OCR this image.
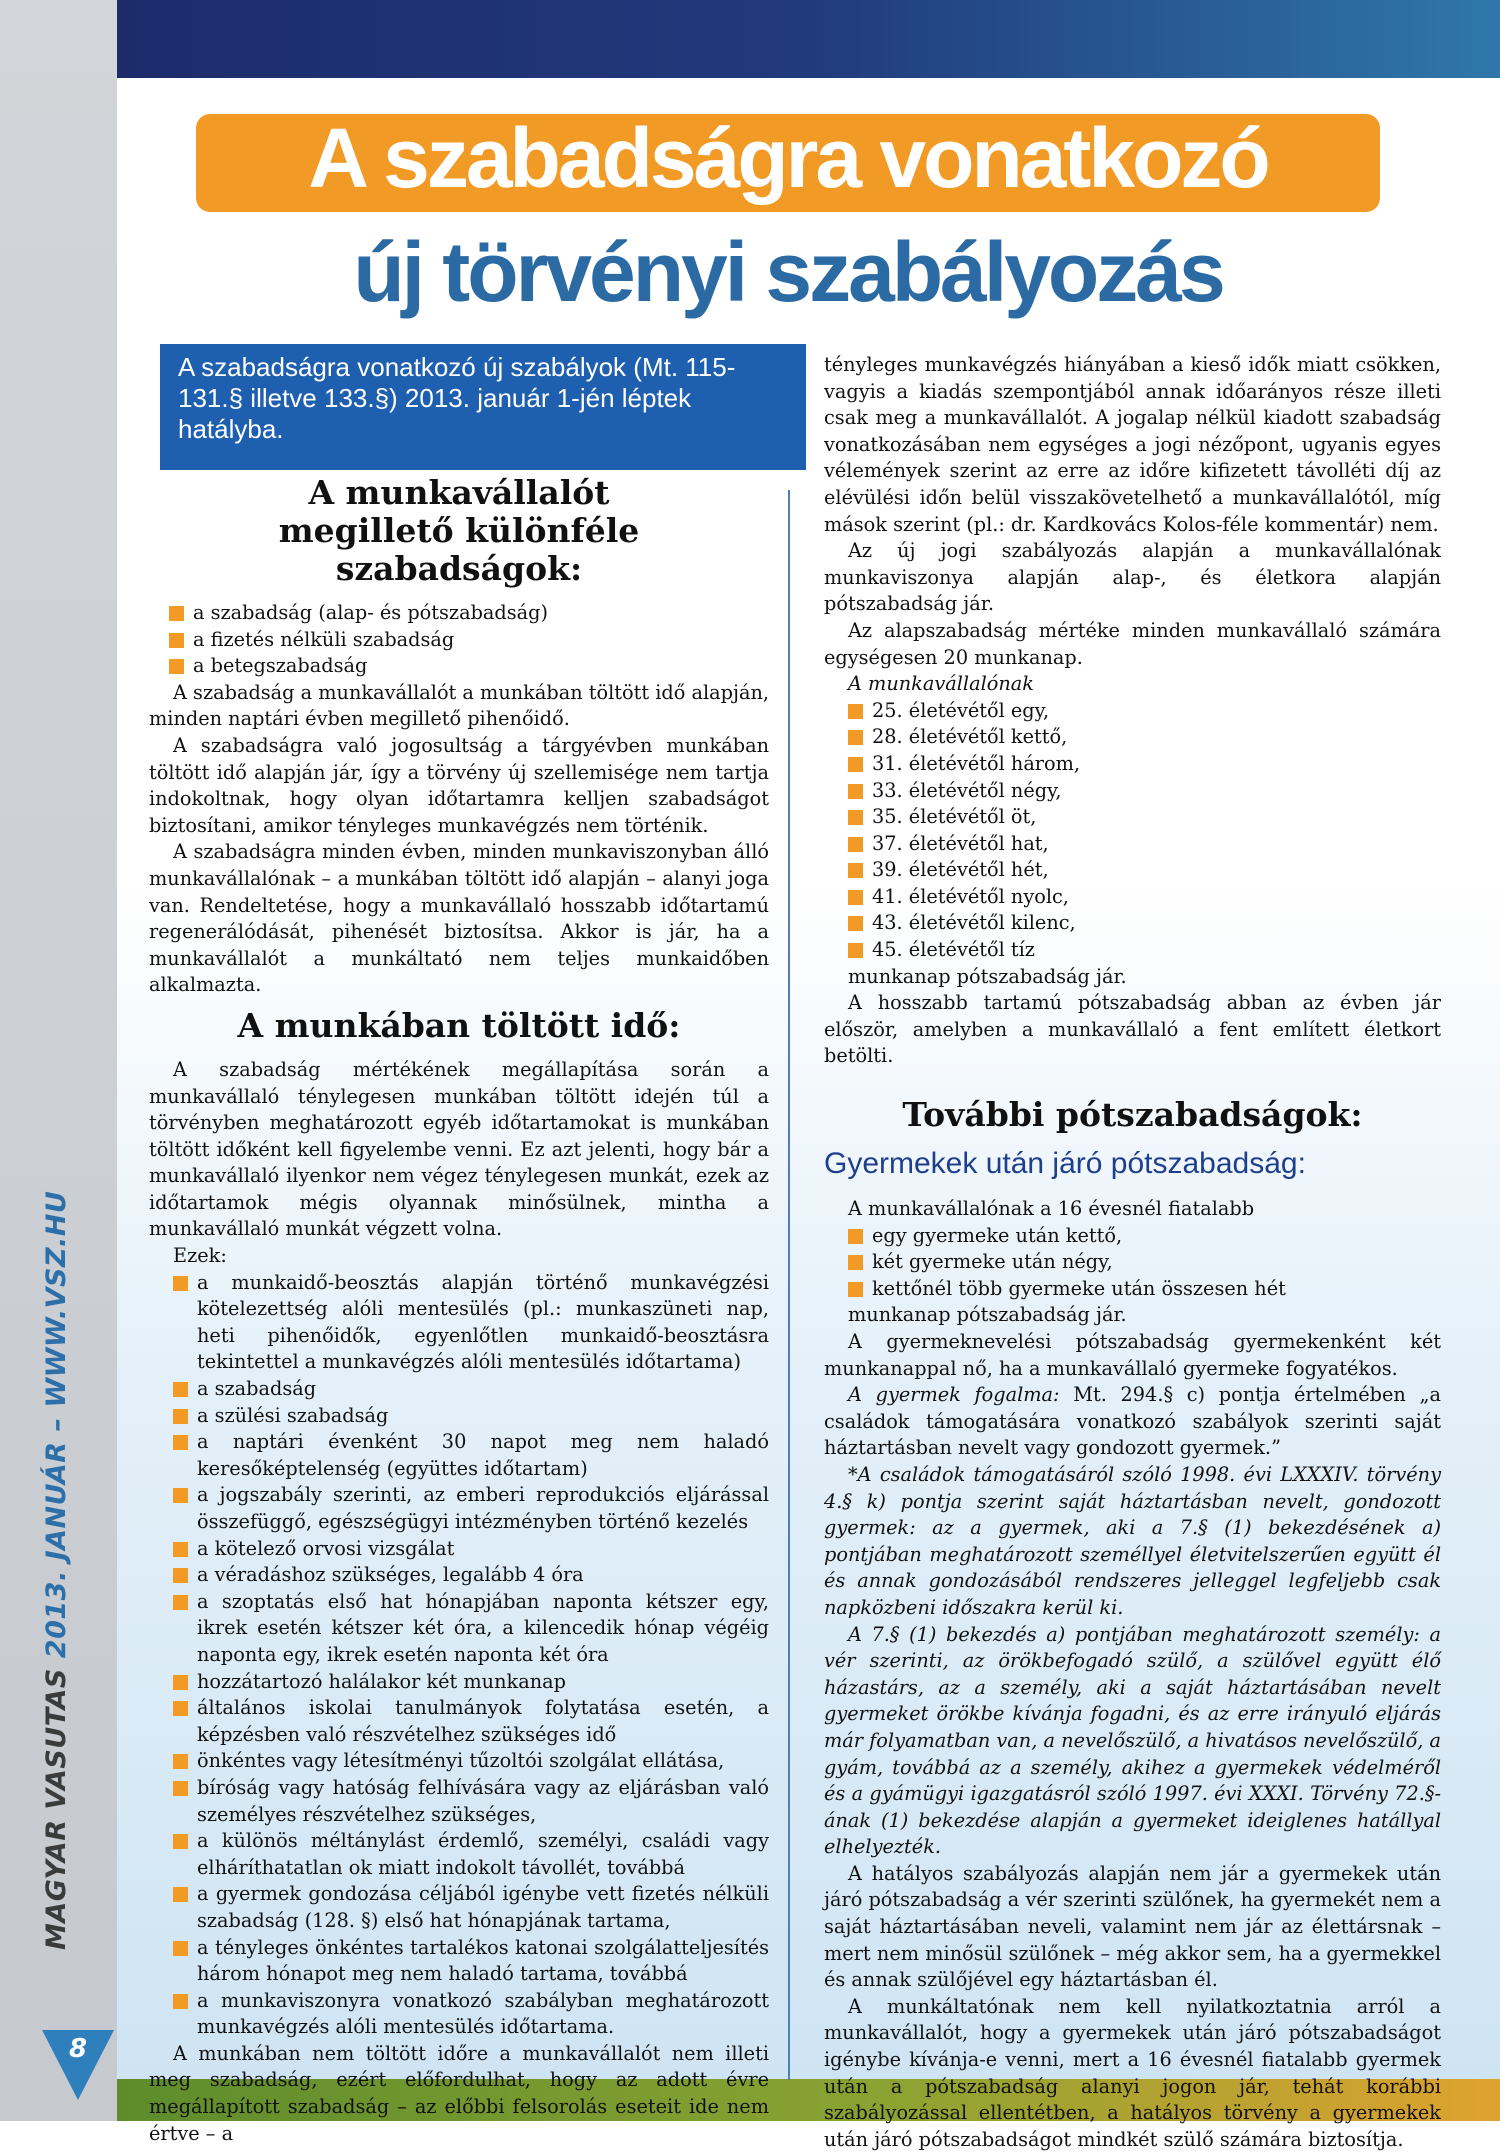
MAGYAR VASUTAS 2013. JANUÁR – WWW.VSZ.HU
8
A szabadságra vonatkozó
új törvényi szabályozás
A szabadságra vonatkozó új szabályok (Mt. 115-131.§ illetve 133.§) 2013. január 1-jén léptek hatályba.
A munkavállalót megillető különféle szabadságok:
a szabadság (alap- és pótszabadság)
a fizetés nélküli szabadság
a betegszabadság

A szabadság a munkavállalót a munkában töltött idő alapján, minden naptári évben megillető pihenőidő.

A szabadságra való jogosultság a tárgyévben munkában töltött idő alapján jár, így a törvény új szellemisége nem tartja indokoltnak, hogy olyan időtartamra kelljen szabadságot biztosítani, amikor tényleges munkavégzés nem történik.

A szabadságra minden évben, minden munkaviszonyban álló munkavállalónak – a munkában töltött idő alapján – alanyi joga van. Rendeltetése, hogy a munkavállaló hosszabb időtartamú regenerálódását, pihenését biztosítsa. Akkor is jár, ha a munkavállalót a munkáltató nem teljes munkaidőben alkalmazta.

A munkában töltött idő:

A szabadság mértékének megállapítása során a munkavállaló ténylegesen munkában töltött idején túl a törvényben meghatározott egyéb időtartamokat is munkában töltött időként kell figyelembe venni. Ez azt jelenti, hogy bár a munkavállaló ilyenkor nem végez ténylegesen munkát, ezek az időtartamok mégis olyannak minősülnek, mintha a munkavállaló munkát végzett volna.

Ezek:

a munkaidő-beosztás alapján történő munkavégzési kötelezettség alóli mentesülés (pl.: munkaszüneti nap, heti pihenőidők, egyenlőtlen munkaidő-beosztásra tekintettel a munkavégzés alóli mentesülés időtartama)
a szabadság
a szülési szabadság
a naptári évenként 30 napot meg nem haladó keresőképtelenség (együttes időtartam)
a jogszabály szerinti, az emberi reprodukciós eljárással összefüggő, egészségügyi intézményben történő kezelés
a kötelező orvosi vizsgálat
a véradáshoz szükséges, legalább 4 óra
a szoptatás első hat hónapjában naponta kétszer egy, ikrek esetén kétszer két óra, a kilencedik hónap végéig naponta egy, ikrek esetén naponta két óra
hozzátartozó halálakor két munkanap
általános iskolai tanulmányok folytatása esetén, a képzésben való részvételhez szükséges idő
önkéntes vagy létesítményi tűzoltói szolgálat ellátása,
bíróság vagy hatóság felhívására vagy az eljárásban való személyes részvételhez szükséges,
a különös méltánylást érdemlő, személyi, családi vagy elháríthatatlan ok miatt indokolt távollét, továbbá
a gyermek gondozása céljából igénybe vett fizetés nélküli szabadság (128. §) első hat hónapjának tartama,
a tényleges önkéntes tartalékos katonai szolgálatteljesítés három hónapot meg nem haladó tartama, továbbá
a munkaviszonyra vonatkozó szabályban meghatározott munkavégzés alóli mentesülés időtartama.

A munkában nem töltött időre a munkavállalót nem illeti meg szabadság, ezért előfordulhat, hogy az adott évre megállapított szabadság – az előbbi felsorolás eseteit ide nem értve – a

tényleges munkavégzés hiányában a kieső idők miatt csökken, vagyis a kiadás szempontjából annak időarányos része illeti csak meg a munkavállalót. A jogalap nélkül kiadott szabadság vonatkozásában nem egységes a jogi nézőpont, ugyanis egyes vélemények szerint az erre az időre kifizetett távolléti díj az elévülési időn belül visszakövetelhető a munkavállalótól, míg mások szerint (pl.: dr. Kardkovács Kolos-féle kommentár) nem.

Az új jogi szabályozás alapján a munkavállalónak munkaviszonya alapján alap-, és életkora alapján pótszabadság jár.

Az alapszabadság mértéke minden munkavállaló számára egységesen 20 munkanap.

A munkavállalónak

25. életévétől egy,
28. életévétől kettő,
31. életévétől három,
33. életévétől négy,
35. életévétől öt,
37. életévétől hat,
39. életévétől hét,
41. életévétől nyolc,
43. életévétől kilenc,
45. életévétől tíz

munkanap pótszabadság jár.

A hosszabb tartamú pótszabadság abban az évben jár először, amelyben a munkavállaló a fent említett életkort betölti.

További pótszabadságok:

Gyermekek után járó pótszabadság:

A munkavállalónak a 16 évesnél fiatalabb

egy gyermeke után kettő,
két gyermeke után négy,
kettőnél több gyermeke után összesen hét

munkanap pótszabadság jár.

A gyermeknevelési pótszabadság gyermekenként két munkanappal nő, ha a munkavállaló gyermeke fogyatékos.

A gyermek fogalma: Mt. 294.§ c) pontja értelmében „a családok támogatására vonatkozó szabályok szerinti saját háztartásban nevelt vagy gondozott gyermek.”

*A családok támogatásáról szóló 1998. évi LXXXIV. törvény 4.§ k) pontja szerint saját háztartásban nevelt, gondozott gyermek: az a gyermek, aki a 7.§ (1) bekezdésének a) pontjában meghatározott személlyel életvitelszerűen együtt él és annak gondozásából rendszeres jelleggel legfeljebb csak napközbeni időszakra kerül ki.

A 7.§ (1) bekezdés a) pontjában meghatározott személy: a vér szerinti, az örökbefogadó szülő, a szülővel együtt élő házastárs, az a személy, aki a saját háztartásában nevelt gyermeket örökbe kívánja fogadni, és az erre irányuló eljárás már folyamatban van, a nevelőszülő, a hivatásos nevelőszülő, a gyám, továbbá az a személy, akihez a gyermekek védelméről és a gyámügyi igazgatásról szóló 1997. évi XXXI. Törvény 72.§-ának (1) bekezdése alapján a gyermeket ideiglenes hatállyal elhelyezték.

A hatályos szabályozás alapján nem jár a gyermekek után járó pótszabadság a vér szerinti szülőnek, ha gyermekét nem a saját háztartásában neveli, valamint nem jár az élettársnak – mert nem minősül szülőnek – még akkor sem, ha a gyermekkel és annak szülőjével egy háztartásban él.

A munkáltatónak nem kell nyilatkoztatnia arról a munkavállalót, hogy a gyermekek után járó pótszabadságot igénybe kívánja-e venni, mert a 16 évesnél fiatalabb gyermek után a pótszabadság alanyi jogon jár, tehát korábbi szabályozással ellentétben, a hatályos törvény a gyermekek után járó pótszabadságot mindkét szülő számára biztosítja.
